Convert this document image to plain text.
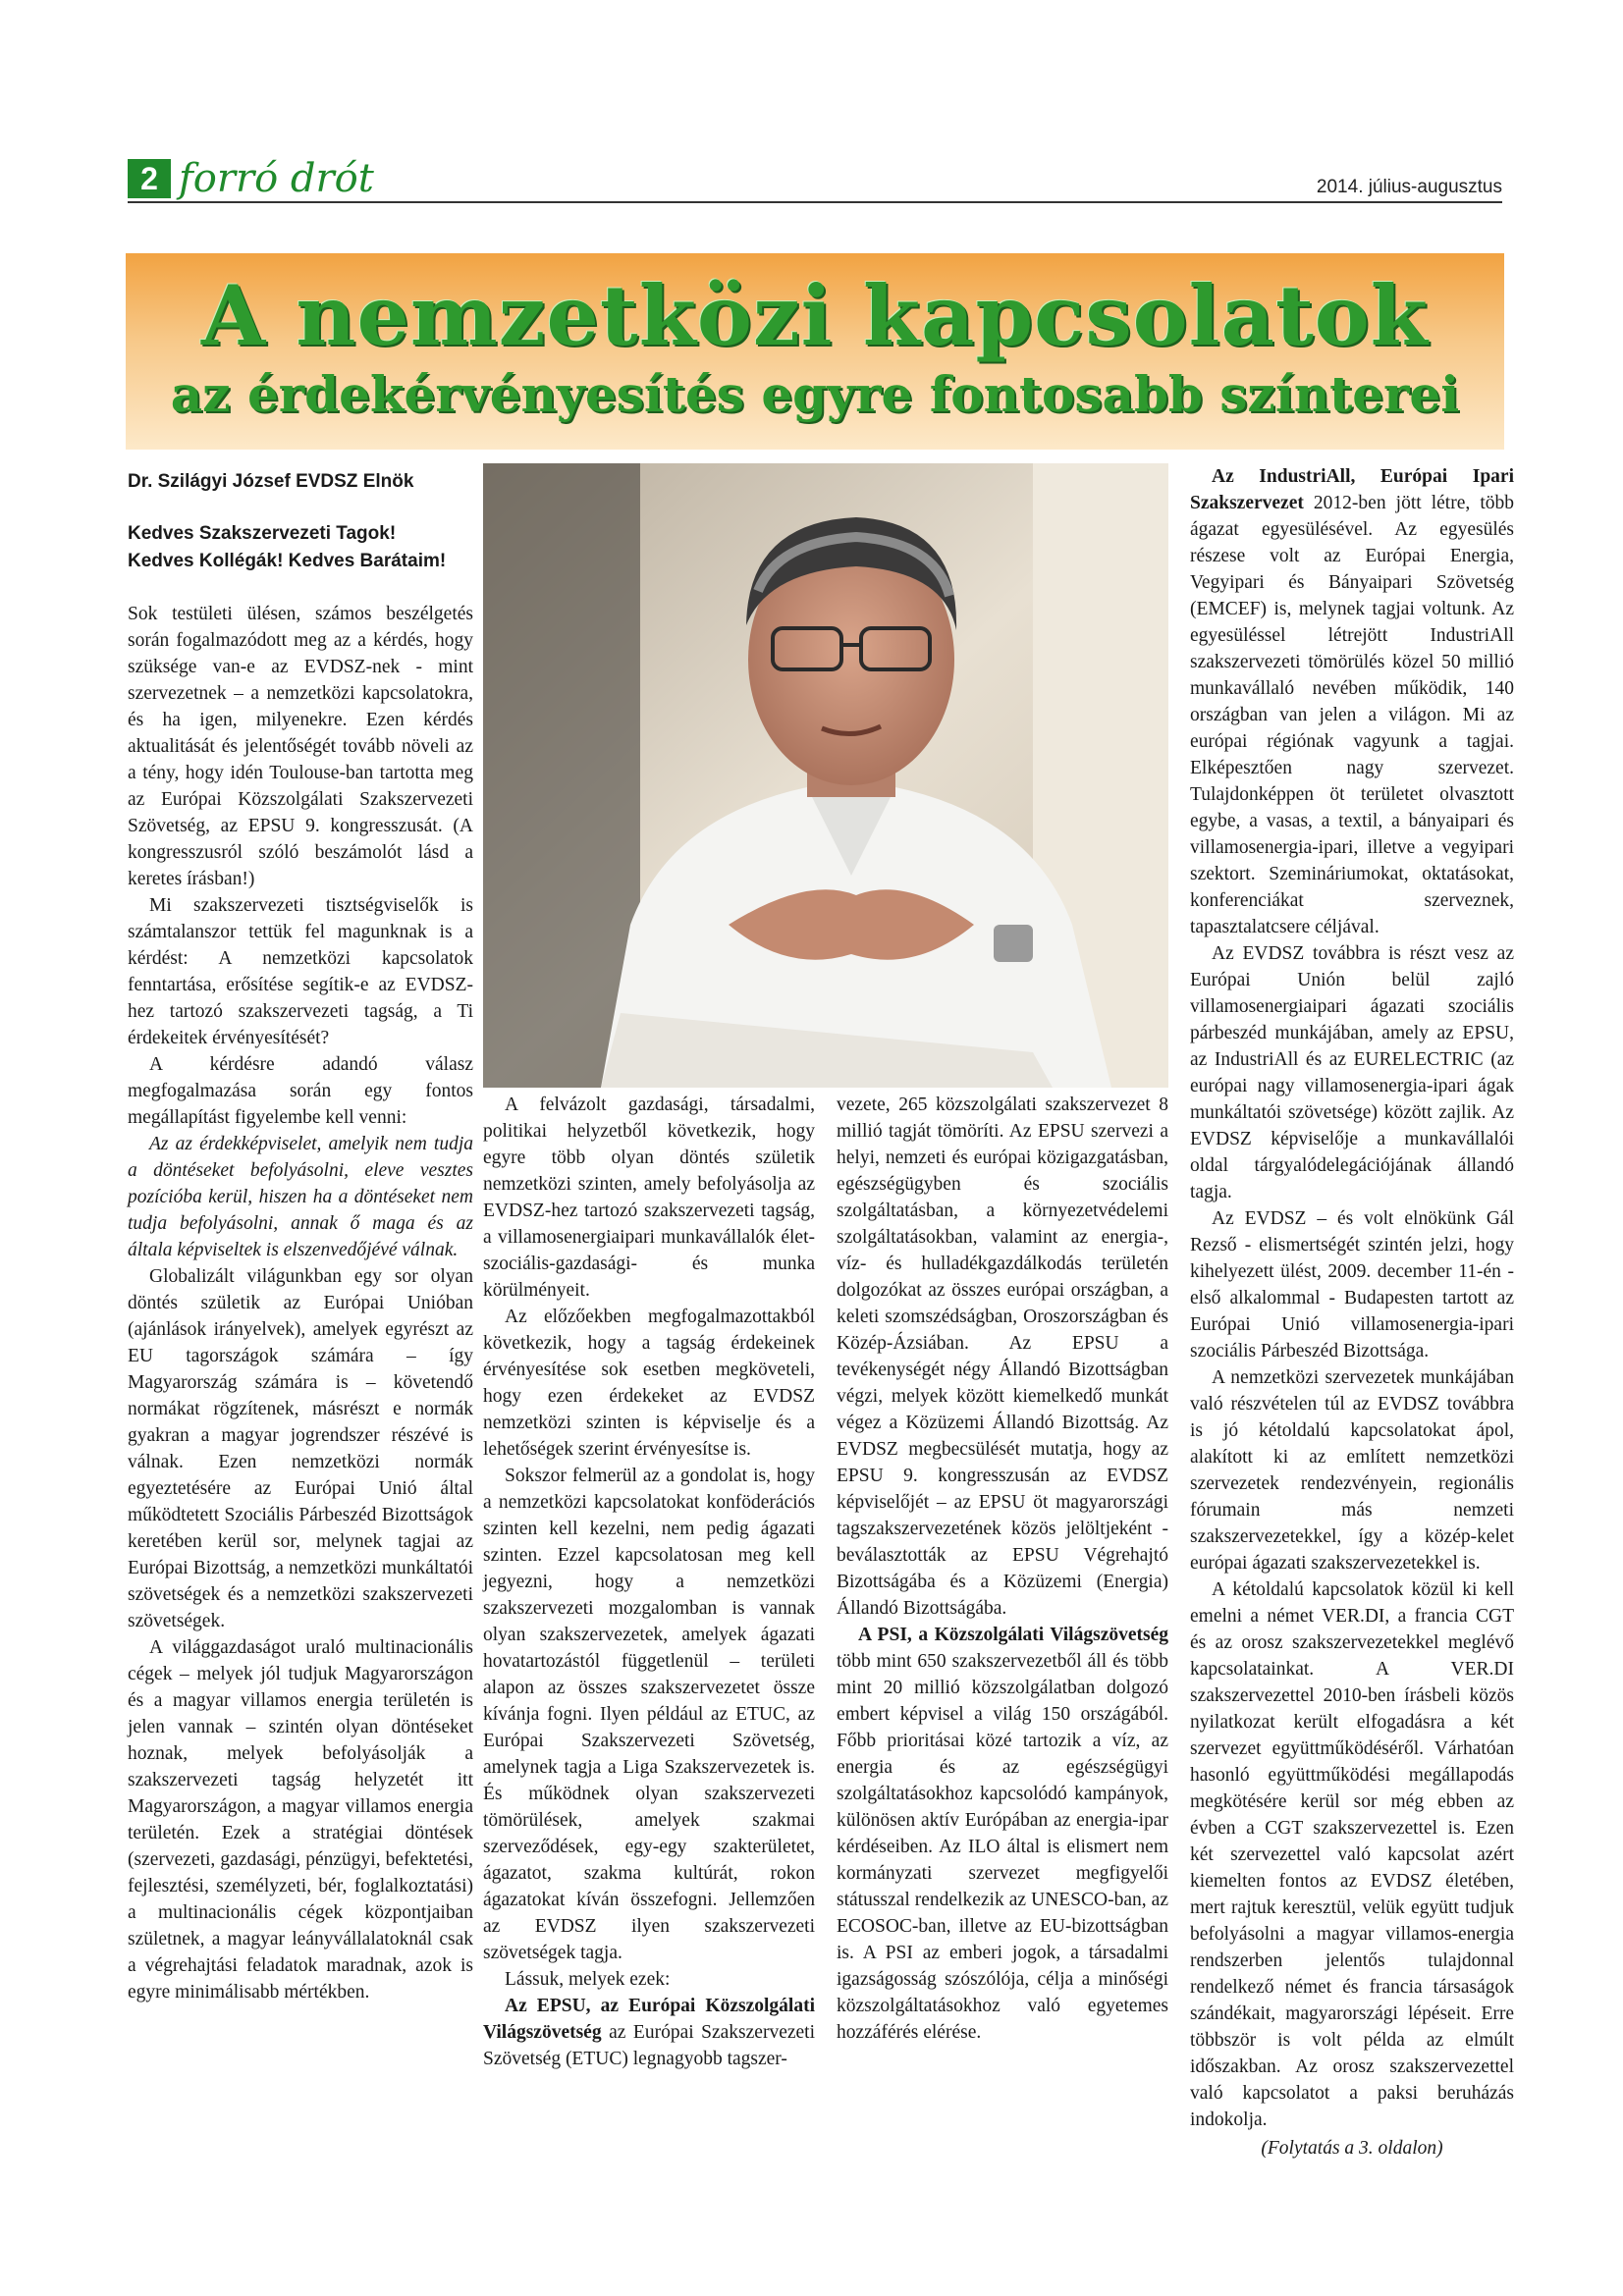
2 forró drót	2014. július-augusztus
A nemzetközi kapcsolatok
az érdekérvényesítés egyre fontosabb színterei
Dr. Szilágyi József EVDSZ Elnök
Kedves Szakszervezeti Tagok!
Kedves Kollégák! Kedves Barátaim!

Sok testületi ülésen, számos beszélgetés során fogalmazódott meg az a kérdés, hogy szüksége van-e az EVDSZ-nek - mint szervezetnek – a nemzetközi kapcsolatokra, és ha igen, milyenekre. Ezen kérdés aktualitását és jelentőségét tovább növeli az a tény, hogy idén Toulouse-ban tartotta meg az Európai Közszolgálati Szakszervezeti Szövetség, az EPSU 9. kongresszusát. (A kongresszusról szóló beszámolót lásd a keretes írásban!)

Mi szakszervezeti tisztségviselők is számtalanszor tettük fel magunknak is a kérdést: A nemzetközi kapcsolatok fenntartása, erősítése segítik-e az EVDSZ-hez tartozó szakszervezeti tagság, a Ti érdekeitek érvényesítését?

A kérdésre adandó válasz megfogalmazása során egy fontos megállapítást figyelembe kell venni:

Az az érdekképviselet, amelyik nem tudja a döntéseket befolyásolni, eleve vesztes pozícióba kerül, hiszen ha a döntéseket nem tudja befolyásolni, annak ő maga és az általa képviseltek is elszenvedőjévé válnak.

Globalizált világunkban egy sor olyan döntés születik az Európai Unióban (ajánlások irányelvek), amelyek egyrészt az EU tagországok számára – így Magyarország számára is – követendő normákat rögzítenek, másrészt e normák gyakran a magyar jogrendszer részévé is válnak. Ezen nemzetközi normák egyeztetésére az Európai Unió által működtetett Szociális Párbeszéd Bizottságok keretében kerül sor, melynek tagjai az Európai Bizottság, a nemzetközi munkáltatói szövetségek és a nemzetközi szakszervezeti szövetségek.

A világgazdaságot uraló multinacionális cégek – melyek jól tudjuk Magyarországon és a magyar villamos energia területén is jelen vannak – szintén olyan döntéseket hoznak, melyek befolyásolják a szakszervezeti tagság helyzetét itt Magyarországon, a magyar villamos energia területén. Ezek a stratégiai döntések (szervezeti, gazdasági, pénzügyi, befektetési, fejlesztési, személyzeti, bér, foglalkoztatási) a multinacionális cégek központjaiban születnek, a magyar leányvállalatoknál csak a végrehajtási feladatok maradnak, azok is egyre minimálisabb mértékben.

A felvázolt gazdasági, társadalmi, politikai helyzetből következik, hogy egyre több olyan döntés születik nemzetközi szinten, amely befolyásolja az EVDSZ-hez tartozó szakszervezeti tagság, a villamosenergiaipari munkavállalók élet-szociális-gazdasági- és munka körülményeit.

Az előzőekben megfogalmazottakból következik, hogy a tagság érdekeinek érvényesítése sok esetben megköveteli, hogy ezen érdekeket az EVDSZ nemzetközi szinten is képviselje és a lehetőségek szerint érvényesítse is.

Sokszor felmerül az a gondolat is, hogy a nemzetközi kapcsolatokat konföderációs szinten kell kezelni, nem pedig ágazati szinten. Ezzel kapcsolatosan meg kell jegyezni, hogy a nemzetközi szakszervezeti mozgalomban is vannak olyan szakszervezetek, amelyek ágazati hovatartozástól függetlenül – területi alapon az összes szakszervezetet össze kívánja fogni. Ilyen például az ETUC, az Európai Szakszervezeti Szövetség, amelynek tagja a Liga Szakszervezetek is. És működnek olyan szakszervezeti tömörülések, amelyek szakmai szerveződések, egy-egy szakterületet, ágazatot, szakma kultúrát, rokon ágazatokat kíván összefogni. Jellemzően az EVDSZ ilyen szakszervezeti szövetségek tagja.

Lássuk, melyek ezek:

Az EPSU, az Európai Közszolgálati Világszövetség az Európai Szakszervezeti Szövetség (ETUC) legnagyobb tagszer-

vezete, 265 közszolgálati szakszervezet 8 millió tagját tömöríti. Az EPSU szervezi a helyi, nemzeti és európai közigazgatásban, egészségügyben és szociális szolgáltatásban, a környezetvédelemi szolgáltatásokban, valamint az energia-, víz- és hulladékgazdálkodás területén dolgozókat az összes európai országban, a keleti szomszédságban, Oroszországban és Közép-Ázsiában. Az EPSU a tevékenységét négy Állandó Bizottságban végzi, melyek között kiemelkedő munkát végez a Közüzemi Állandó Bizottság. Az EVDSZ megbecsülését mutatja, hogy az EPSU 9. kongresszusán az EVDSZ képviselőjét – az EPSU öt magyarországi tagszakszervezetének közös jelöltjeként - beválasztották az EPSU Végrehajtó Bizottságába és a Közüzemi (Energia) Állandó Bizottságába.

A PSI, a Közszolgálati Világszövetség több mint 650 szakszervezetből áll és több mint 20 millió közszolgálatban dolgozó embert képvisel a világ 150 országából. Főbb prioritásai közé tartozik a víz, az energia és az egészségügyi szolgáltatásokhoz kapcsolódó kampányok, különösen aktív Európában az energia-ipar kérdéseiben. Az ILO által is elismert nem kormányzati szervezet megfigyelői státusszal rendelkezik az UNESCO-ban, az ECOSOC-ban, illetve az EU-bizottságban is. A PSI az emberi jogok, a társadalmi igazságosság szószólója, célja a minőségi közszolgáltatásokhoz való egyetemes hozzáférés elérése.

Az IndustriAll, Európai Ipari Szakszervezet 2012-ben jött létre, több ágazat egyesülésével. Az egyesülés részese volt az Európai Energia, Vegyipari és Bányaipari Szövetség (EMCEF) is, melynek tagjai voltunk. Az egyesüléssel létrejött IndustriAll szakszervezeti tömörülés közel 50 millió munkavállaló nevében működik, 140 országban van jelen a világon. Mi az európai régiónak vagyunk a tagjai. Elképesztően nagy szervezet. Tulajdonképpen öt területet olvasztott egybe, a vasas, a textil, a bányaipari és villamosenergia-ipari, illetve a vegyipari szektort. Szemináriumokat, oktatásokat, konferenciákat szerveznek, tapasztalatcsere céljával.

Az EVDSZ továbbra is részt vesz az Európai Unión belül zajló villamosenergiaipari ágazati szociális párbeszéd munkájában, amely az EPSU, az IndustriAll és az EURELECTRIC (az európai nagy villamosenergia-ipari ágak munkáltatói szövetsége) között zajlik. Az EVDSZ képviselője a munkavállalói oldal tárgyalódelegációjának állandó tagja.

Az EVDSZ – és volt elnökünk Gál Rezső - elismertségét szintén jelzi, hogy kihelyezett ülést, 2009. december 11-én - első alkalommal - Budapesten tartott az Európai Unió villamosenergia-ipari szociális Párbeszéd Bizottsága.

A nemzetközi szervezetek munkájában való részvételen túl az EVDSZ továbbra is jó kétoldalú kapcsolatokat ápol, alakított ki az említett nemzetközi szervezetek rendezvényein, regionális fórumain más nemzeti szakszervezetekkel, így a közép-kelet európai ágazati szakszervezetekkel is.

A kétoldalú kapcsolatok közül ki kell emelni a német VER.DI, a francia CGT és az orosz szakszervezetekkel meglévő kapcsolatainkat. A VER.DI szakszervezettel 2010-ben írásbeli közös nyilatkozat került elfogadásra a két szervezet együttműködéséről. Várhatóan hasonló együttműködési megállapodás megkötésére kerül sor még ebben az évben a CGT szakszervezettel is. Ezen két szervezettel való kapcsolat azért kiemelten fontos az EVDSZ életében, mert rajtuk keresztül, velük együtt tudjuk befolyásolni a magyar villamos-energia rendszerben jelentős tulajdonnal rendelkező német és francia társaságok szándékait, magyarországi lépéseit. Erre többször is volt példa az elmúlt időszakban. Az orosz szakszervezettel való kapcsolatot a paksi beruházás indokolja.

(Folytatás a 3. oldalon)
